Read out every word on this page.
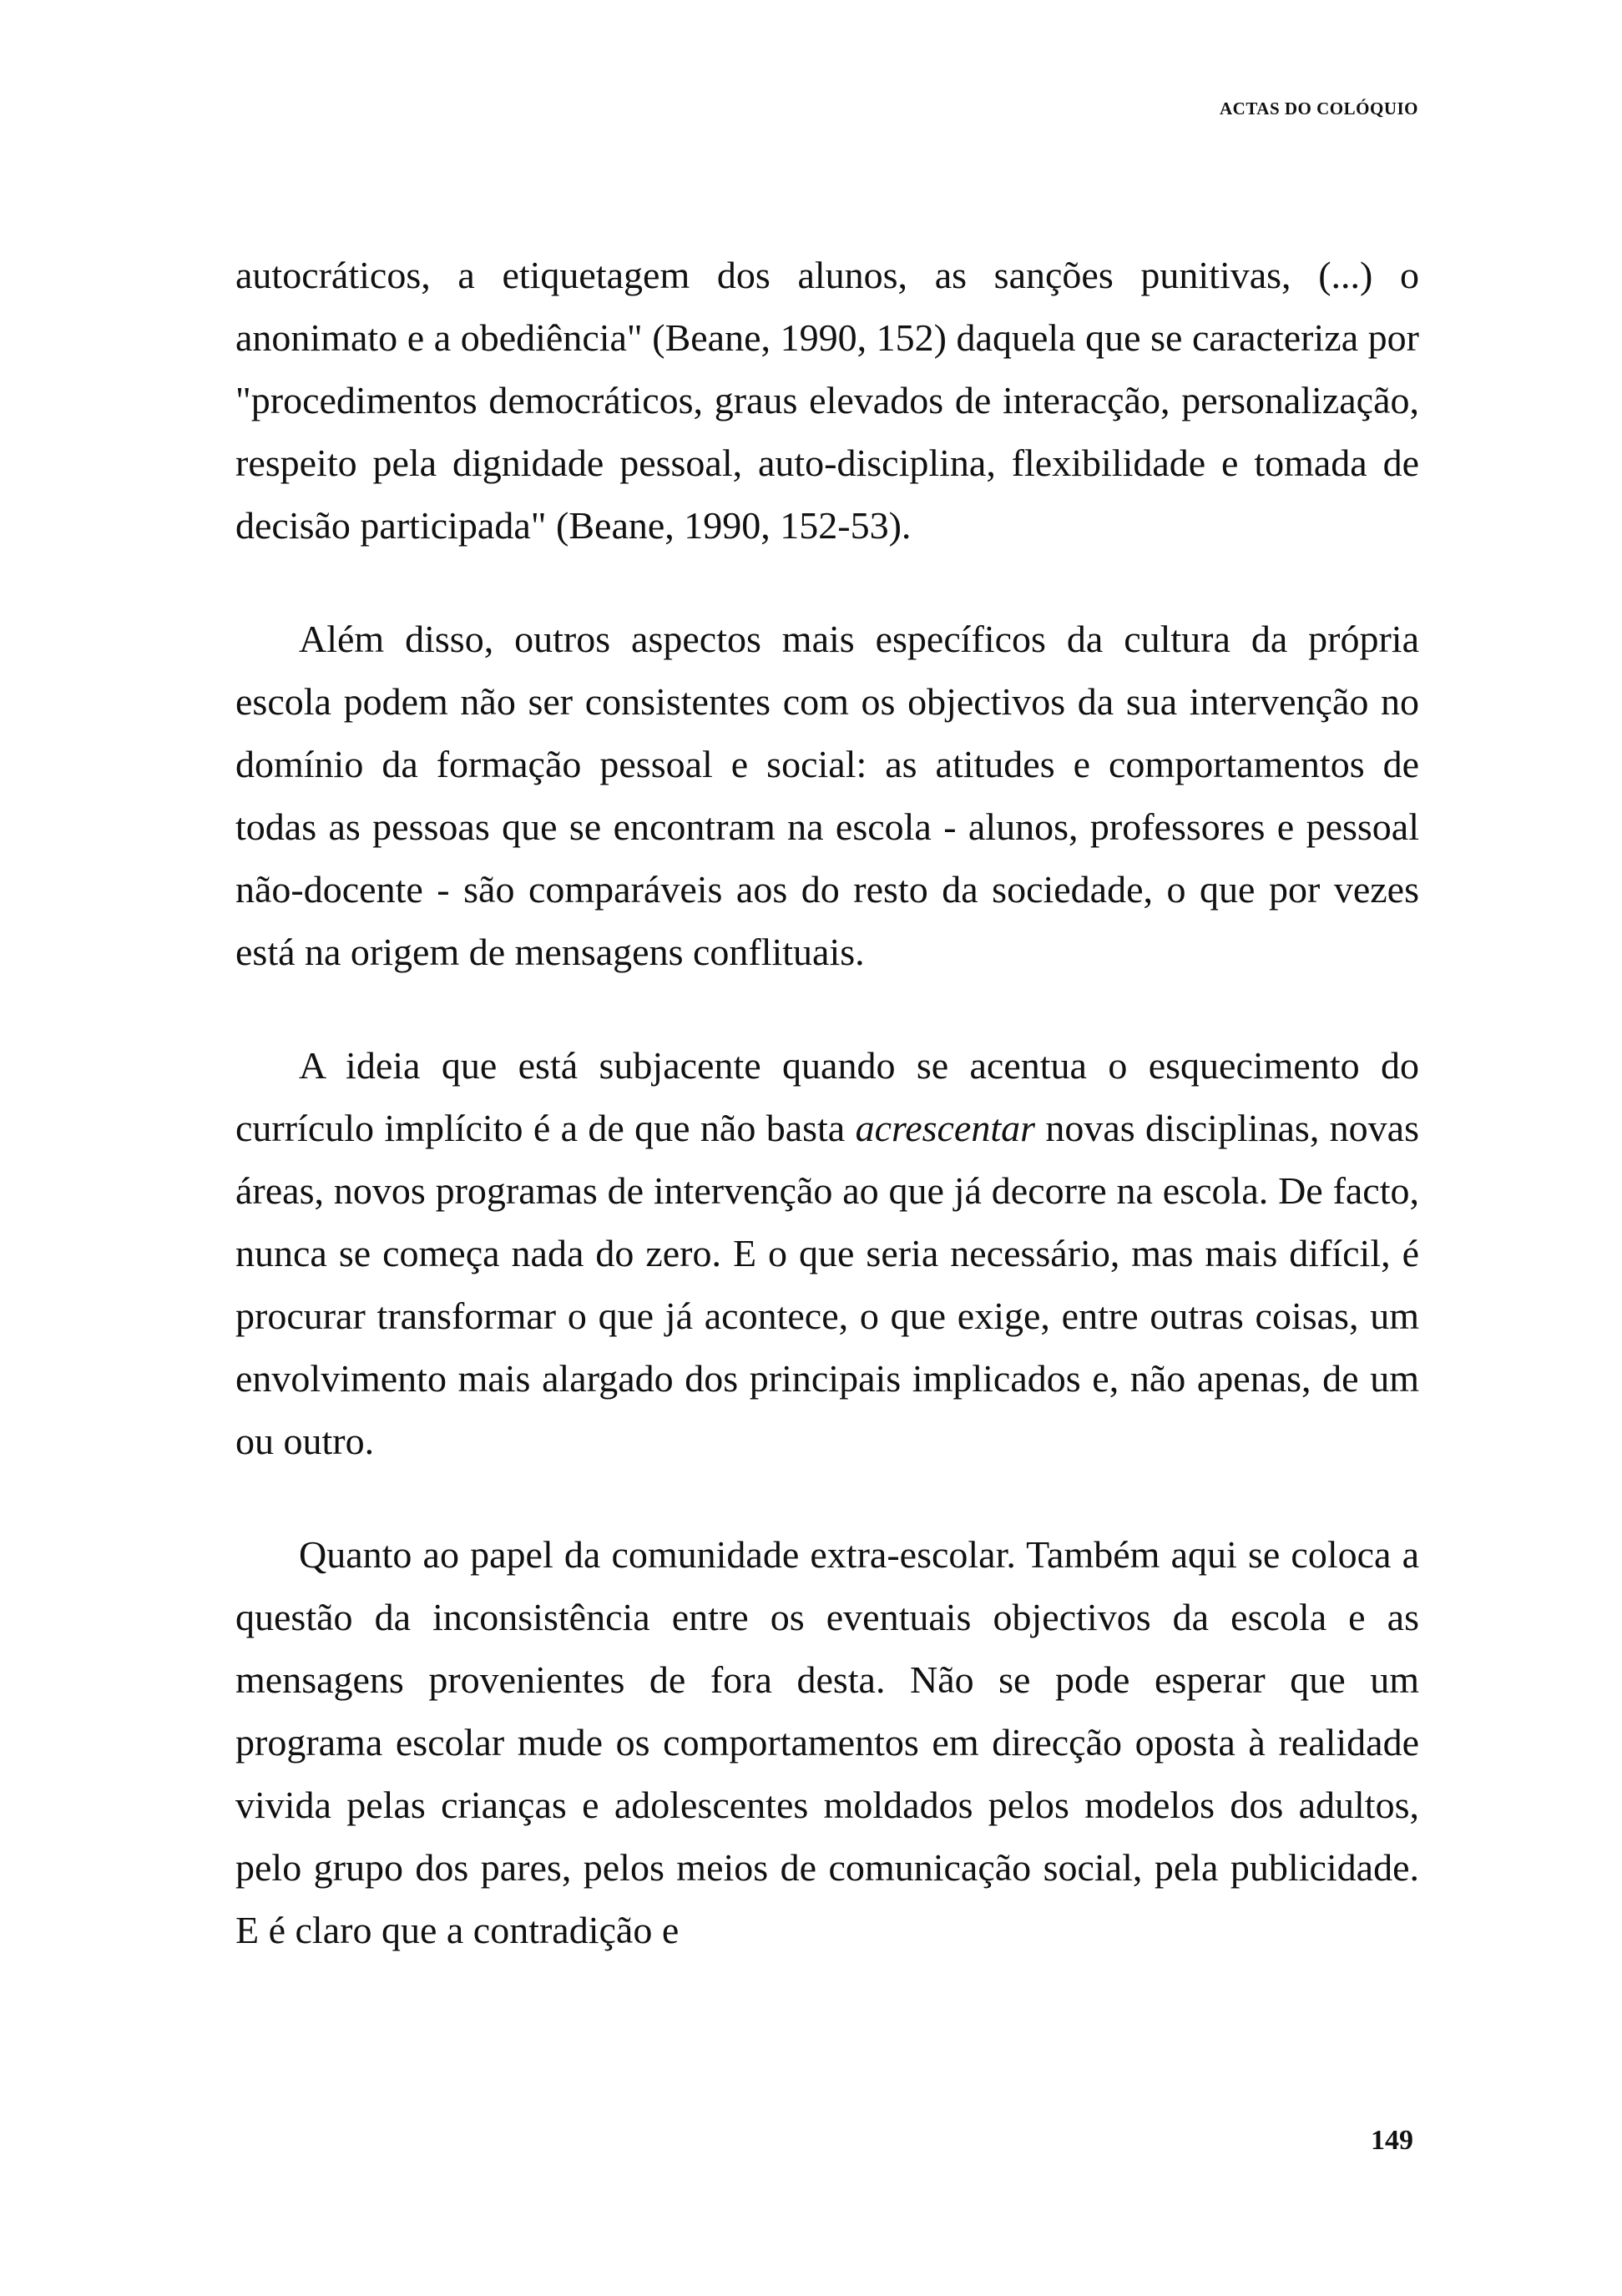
ACTAS DO COLÓQUIO

autocráticos, a etiquetagem dos alunos, as sanções punitivas, (...) o anonimato e a obediência" (Beane, 1990, 152) daquela que se caracteriza por "procedimentos democráticos, graus elevados de interacção, personalização, respeito pela dignidade pessoal, auto-disciplina, flexibilidade e tomada de decisão participada" (Beane, 1990, 152-53).

Além disso, outros aspectos mais específicos da cultura da própria escola podem não ser consistentes com os objectivos da sua intervenção no domínio da formação pessoal e social: as atitudes e comportamentos de todas as pessoas que se encontram na escola - alunos, professores e pessoal não-docente - são comparáveis aos do resto da sociedade, o que por vezes está na origem de mensagens conflituais.

A ideia que está subjacente quando se acentua o esquecimento do currículo implícito é a de que não basta acrescentar novas disciplinas, novas áreas, novos programas de intervenção ao que já decorre na escola. De facto, nunca se começa nada do zero. E o que seria necessário, mas mais difícil, é procurar transformar o que já acontece, o que exige, entre outras coisas, um envolvimento mais alargado dos principais implicados e, não apenas, de um ou outro.

Quanto ao papel da comunidade extra-escolar. Também aqui se coloca a questão da inconsistência entre os eventuais objectivos da escola e as mensagens provenientes de fora desta. Não se pode esperar que um programa escolar mude os comportamentos em direcção oposta à realidade vivida pelas crianças e adolescentes moldados pelos modelos dos adultos, pelo grupo dos pares, pelos meios de comunicação social, pela publicidade. E é claro que a contradição e

149
